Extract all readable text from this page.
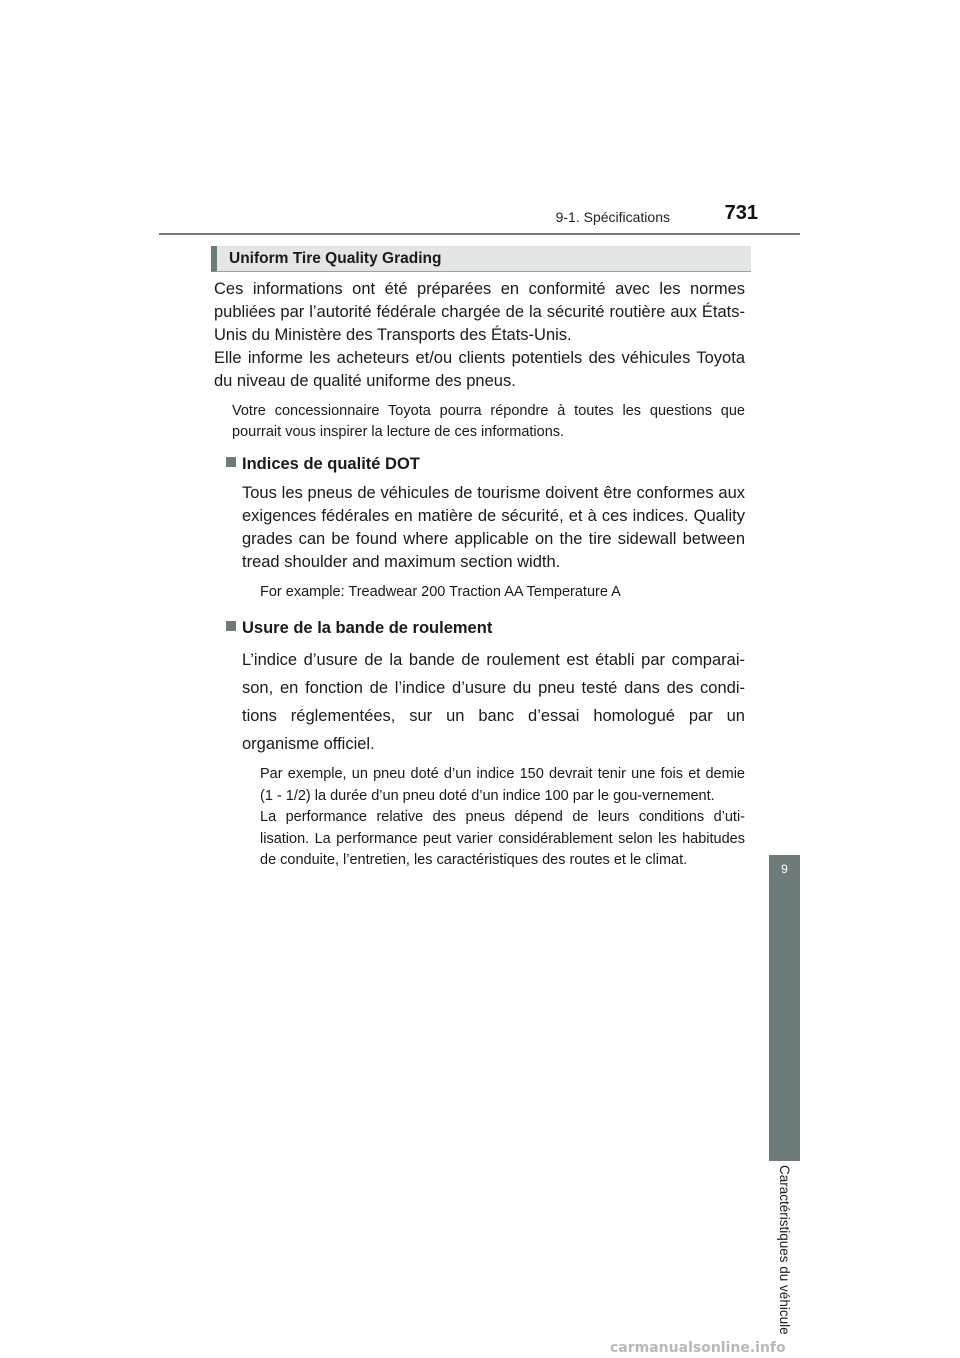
9-1. Spécifications	731
9
Caractéristiques du véhicule
Uniform Tire Quality Grading

Ces informations ont été préparées en conformité avec les normes publiées par l’autorité fédérale chargée de la sécurité routière aux États-Unis du Ministère des Transports des États-Unis.

Elle informe les acheteurs et/ou clients potentiels des véhicules Toyota du niveau de qualité uniforme des pneus.

Votre concessionnaire Toyota pourra répondre à toutes les questions que pourrait vous inspirer la lecture de ces informations.

Indices de qualité DOT

Tous les pneus de véhicules de tourisme doivent être conformes aux exigences fédérales en matière de sécurité, et à ces indices. Quality grades can be found where applicable on the tire sidewall between tread shoulder and maximum section width.

For example: Treadwear 200 Traction AA Temperature A

Usure de la bande de roulement

L’indice d’usure de la bande de roulement est établi par comparai-son, en fonction de l’indice d’usure du pneu testé dans des condi-tions réglementées, sur un banc d’essai homologué par un organisme officiel.

Par exemple, un pneu doté d’un indice 150 devrait tenir une fois et demie (1 - 1/2) la durée d’un pneu doté d’un indice 100 par le gou-vernement.

La performance relative des pneus dépend de leurs conditions d’uti-lisation. La performance peut varier considérablement selon les habitudes de conduite, l’entretien, les caractéristiques des routes et le climat.

carmanualsonline.info
